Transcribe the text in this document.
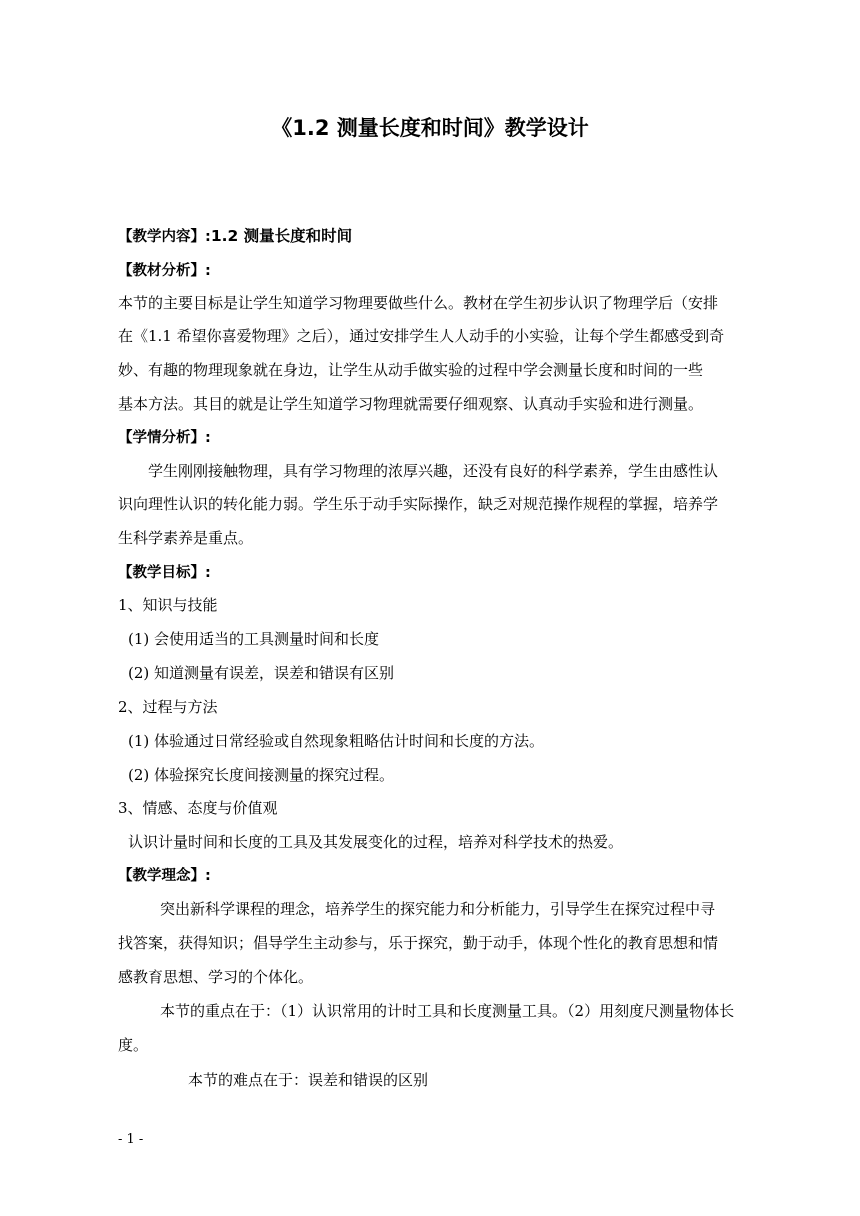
《1.2 测量长度和时间》教学设计
【教学内容】:1.2 测量长度和时间
【教材分析】:
本节的主要目标是让学生知道学习物理要做些什么。教材在学生初步认识了物理学后（安排
在《1.1 希望你喜爱物理》之后），通过安排学生人人动手的小实验，让每个学生都感受到奇
妙、有趣的物理现象就在身边，让学生从动手做实验的过程中学会测量长度和时间的一些
基本方法。其目的就是让学生知道学习物理就需要仔细观察、认真动手实验和进行测量。
【学情分析】:
学生刚刚接触物理，具有学习物理的浓厚兴趣，还没有良好的科学素养，学生由感性认
识向理性认识的转化能力弱。学生乐于动手实际操作，缺乏对规范操作规程的掌握，培养学
生科学素养是重点。
【教学目标】:
1、知识与技能
(1) 会使用适当的工具测量时间和长度
(2) 知道测量有误差，误差和错误有区别
2、过程与方法
(1) 体验通过日常经验或自然现象粗略估计时间和长度的方法。
(2) 体验探究长度间接测量的探究过程。
3、情感、态度与价值观
认识计量时间和长度的工具及其发展变化的过程，培养对科学技术的热爱。
【教学理念】:
突出新科学课程的理念，培养学生的探究能力和分析能力，引导学生在探究过程中寻
找答案，获得知识；倡导学生主动参与，乐于探究，勤于动手，体现个性化的教育思想和情
感教育思想、学习的个体化。
本节的重点在于：（1）认识常用的计时工具和长度测量工具。（2）用刻度尺测量物体长
度。
本节的难点在于：误差和错误的区别
- 1 -
